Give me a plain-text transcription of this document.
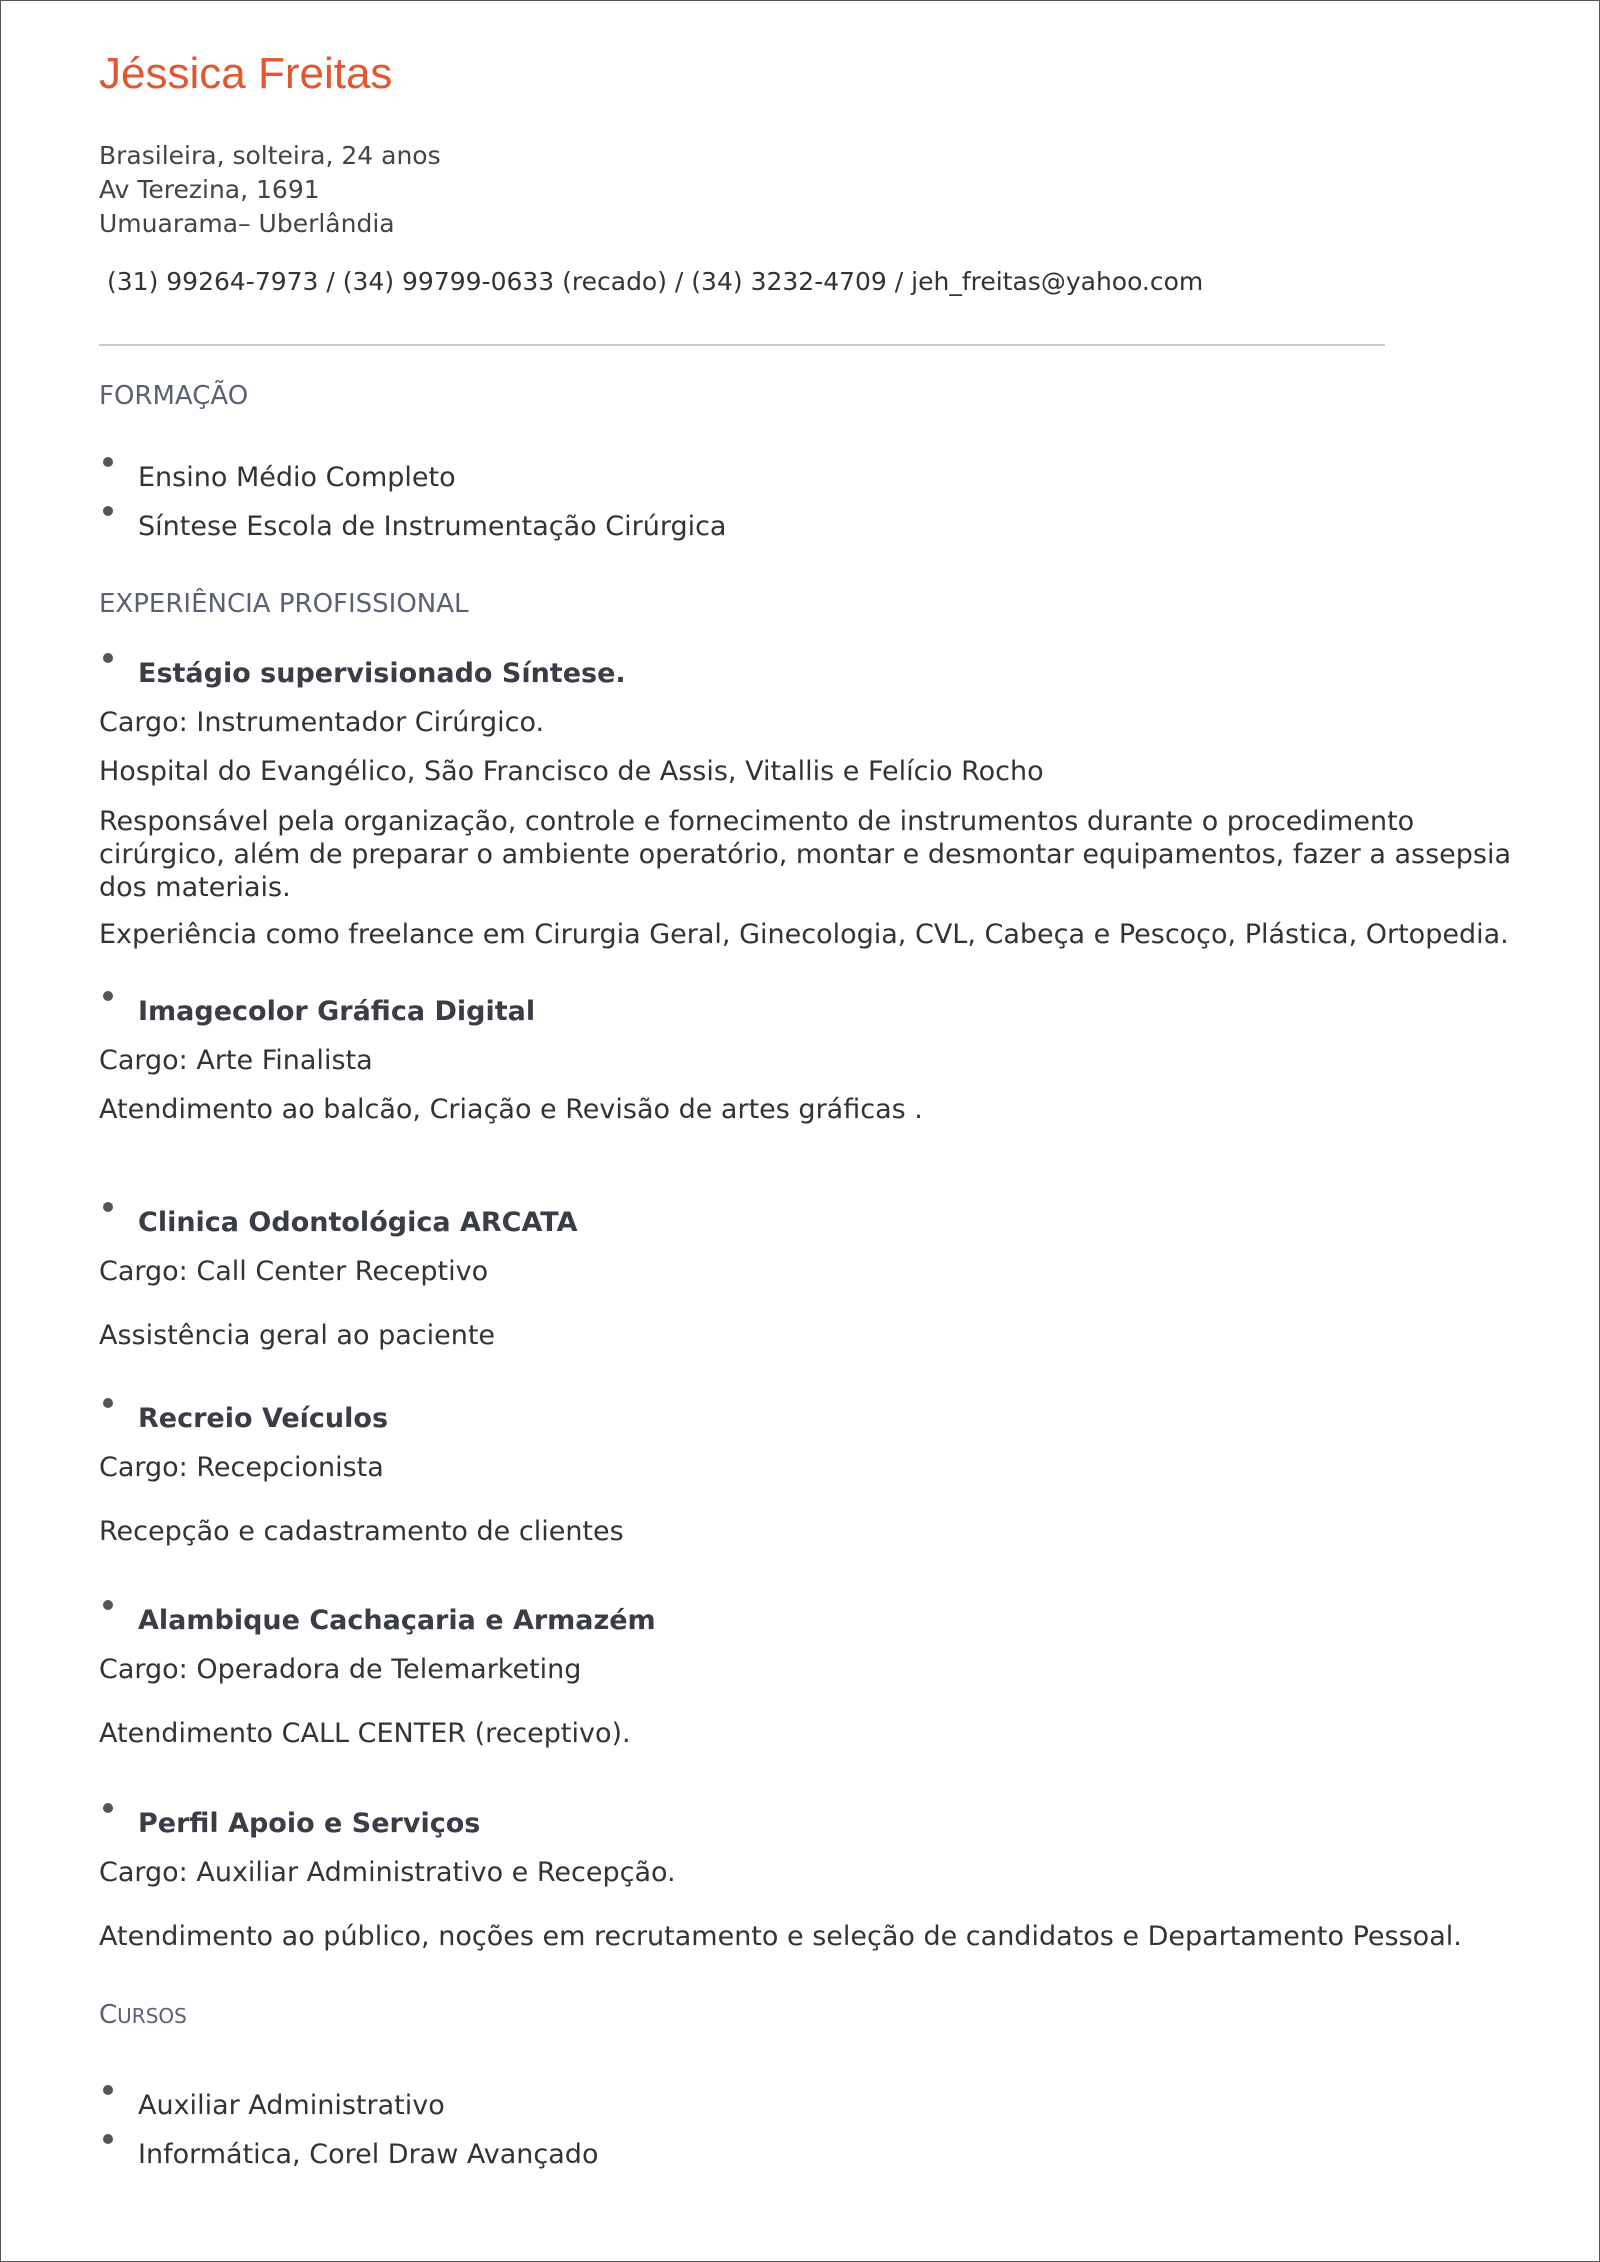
Jéssica Freitas
Brasileira, solteira, 24 anos
Av Terezina, 1691
Umuarama– Uberlândia
(31) 99264-7973 / (34) 99799-0633 (recado) / (34) 3232-4709 / jeh_freitas@yahoo.com
FORMAÇÃO
Ensino Médio Completo
Síntese Escola de Instrumentação Cirúrgica
EXPERIÊNCIA PROFISSIONAL
Estágio supervisionado Síntese.
Cargo: Instrumentador Cirúrgico.
Hospital do Evangélico, São Francisco de Assis, Vitallis e Felício Rocho
Responsável pela organização, controle e fornecimento de instrumentos durante o procedimento cirúrgico, além de preparar o ambiente operatório, montar e desmontar equipamentos, fazer a assepsia dos materiais.
Experiência como freelance em Cirurgia Geral, Ginecologia, CVL, Cabeça e Pescoço, Plástica, Ortopedia.
Imagecolor Gráfica Digital
Cargo: Arte Finalista
Atendimento ao balcão, Criação e Revisão de artes gráficas .
Clinica Odontológica ARCATA
Cargo: Call Center Receptivo
Assistência geral ao paciente
Recreio Veículos
Cargo: Recepcionista
Recepção e cadastramento de clientes
Alambique Cachaçaria e Armazém
Cargo: Operadora de Telemarketing
Atendimento CALL CENTER (receptivo).
Perfil Apoio e Serviços
Cargo: Auxiliar Administrativo e Recepção.
Atendimento ao público, noções em recrutamento e seleção de candidatos e Departamento Pessoal.
CURSOS
Auxiliar Administrativo
Informática, Corel Draw Avançado
